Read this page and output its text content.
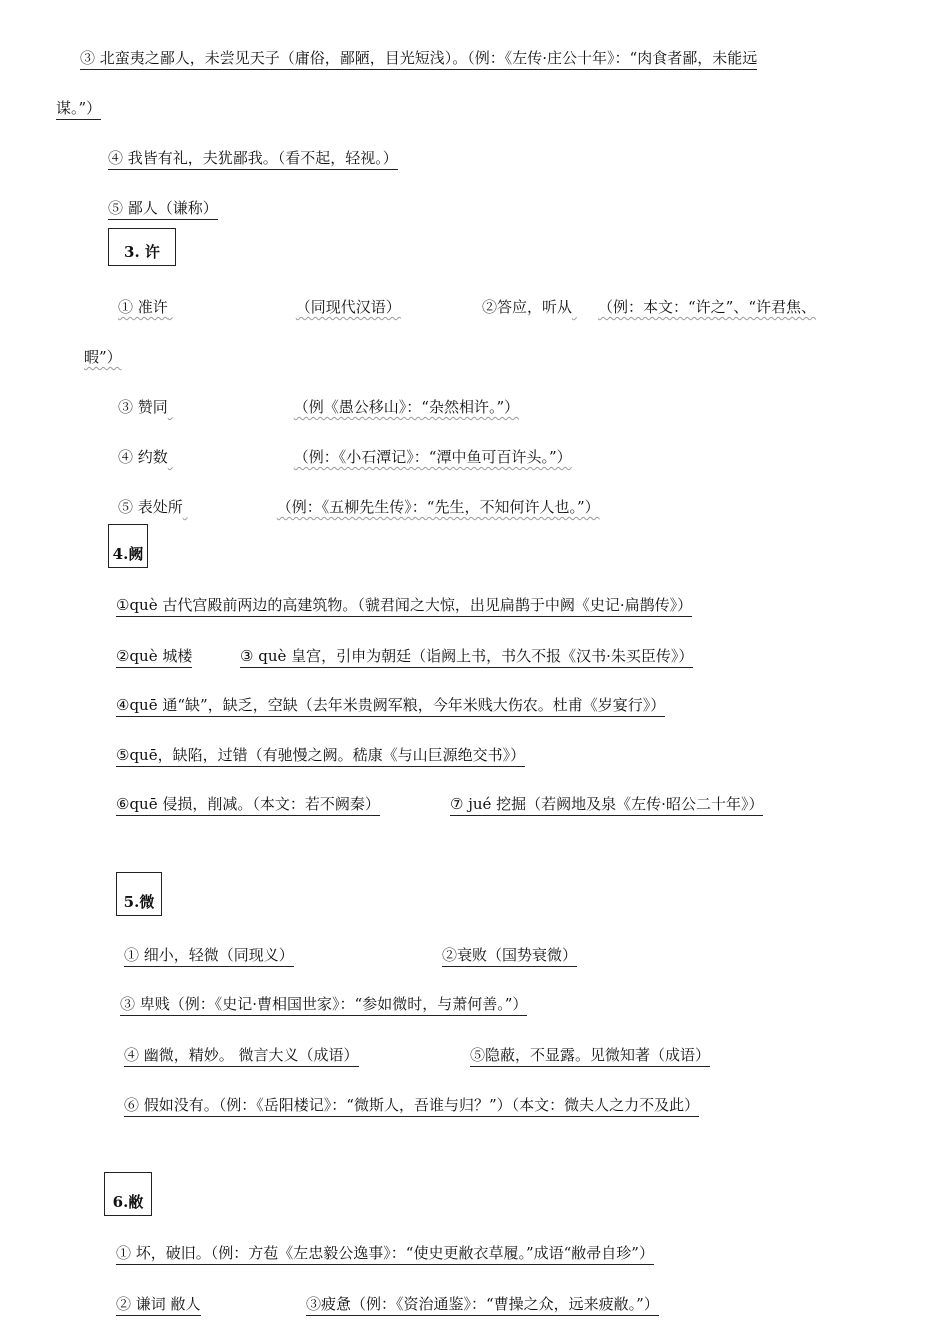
③ 北蛮夷之鄙人，未尝见天子（庸俗，鄙陋，目光短浅）。（例：《左传·庄公十年》：“肉食者鄙，未能远
谋。”）
④ 我皆有礼，夫犹鄙我。（看不起，轻视。）
⑤ 鄙人（谦称）
3. 许
① 准许	（同现代汉语）	②答应，听从 （例：本文：“许之”、“许君焦、
暇”）
③ 赞同	（例《愚公移山》：“杂然相许。”）
④ 约数	（例：《小石潭记》：“潭中鱼可百许头。”）
⑤ 表处所	（例：《五柳先生传》：“先生，不知何许人也。”）
4.阙
①què 古代宫殿前两边的高建筑物。（虢君闻之大惊，出见扁鹊于中阙《史记·扁鹊传》）
②què 城楼	③ què 皇宫，引申为朝廷（诣阙上书，书久不报《汉书·朱买臣传》）
④quē 通“缺”，缺乏，空缺（去年米贵阙军粮，今年米贱大伤农。杜甫《岁宴行》）
⑤quē，缺陷，过错（有驰慢之阙。嵇康《与山巨源绝交书》）
⑥quē 侵损，削减。（本文：若不阙秦）	⑦ jué 挖掘（若阙地及泉《左传·昭公二十年》）
5.微
① 细小，轻微（同现义）	②衰败（国势衰微）
③ 卑贱（例：《史记·曹相国世家》：“参如微时，与萧何善。”）
④ 幽微，精妙。 微言大义（成语）	⑤隐蔽，不显露。见微知著（成语）
⑥ 假如没有。（例：《岳阳楼记》：“微斯人，吾谁与归？”）（本文：微夫人之力不及此）
6.敝
① 坏，破旧。（例：方苞《左忠毅公逸事》：“使史更敝衣草履。”成语“敝帚自珍”）
② 谦词 敝人	③疲惫（例：《资治通鉴》：“曹操之众，远来疲敝。”）
